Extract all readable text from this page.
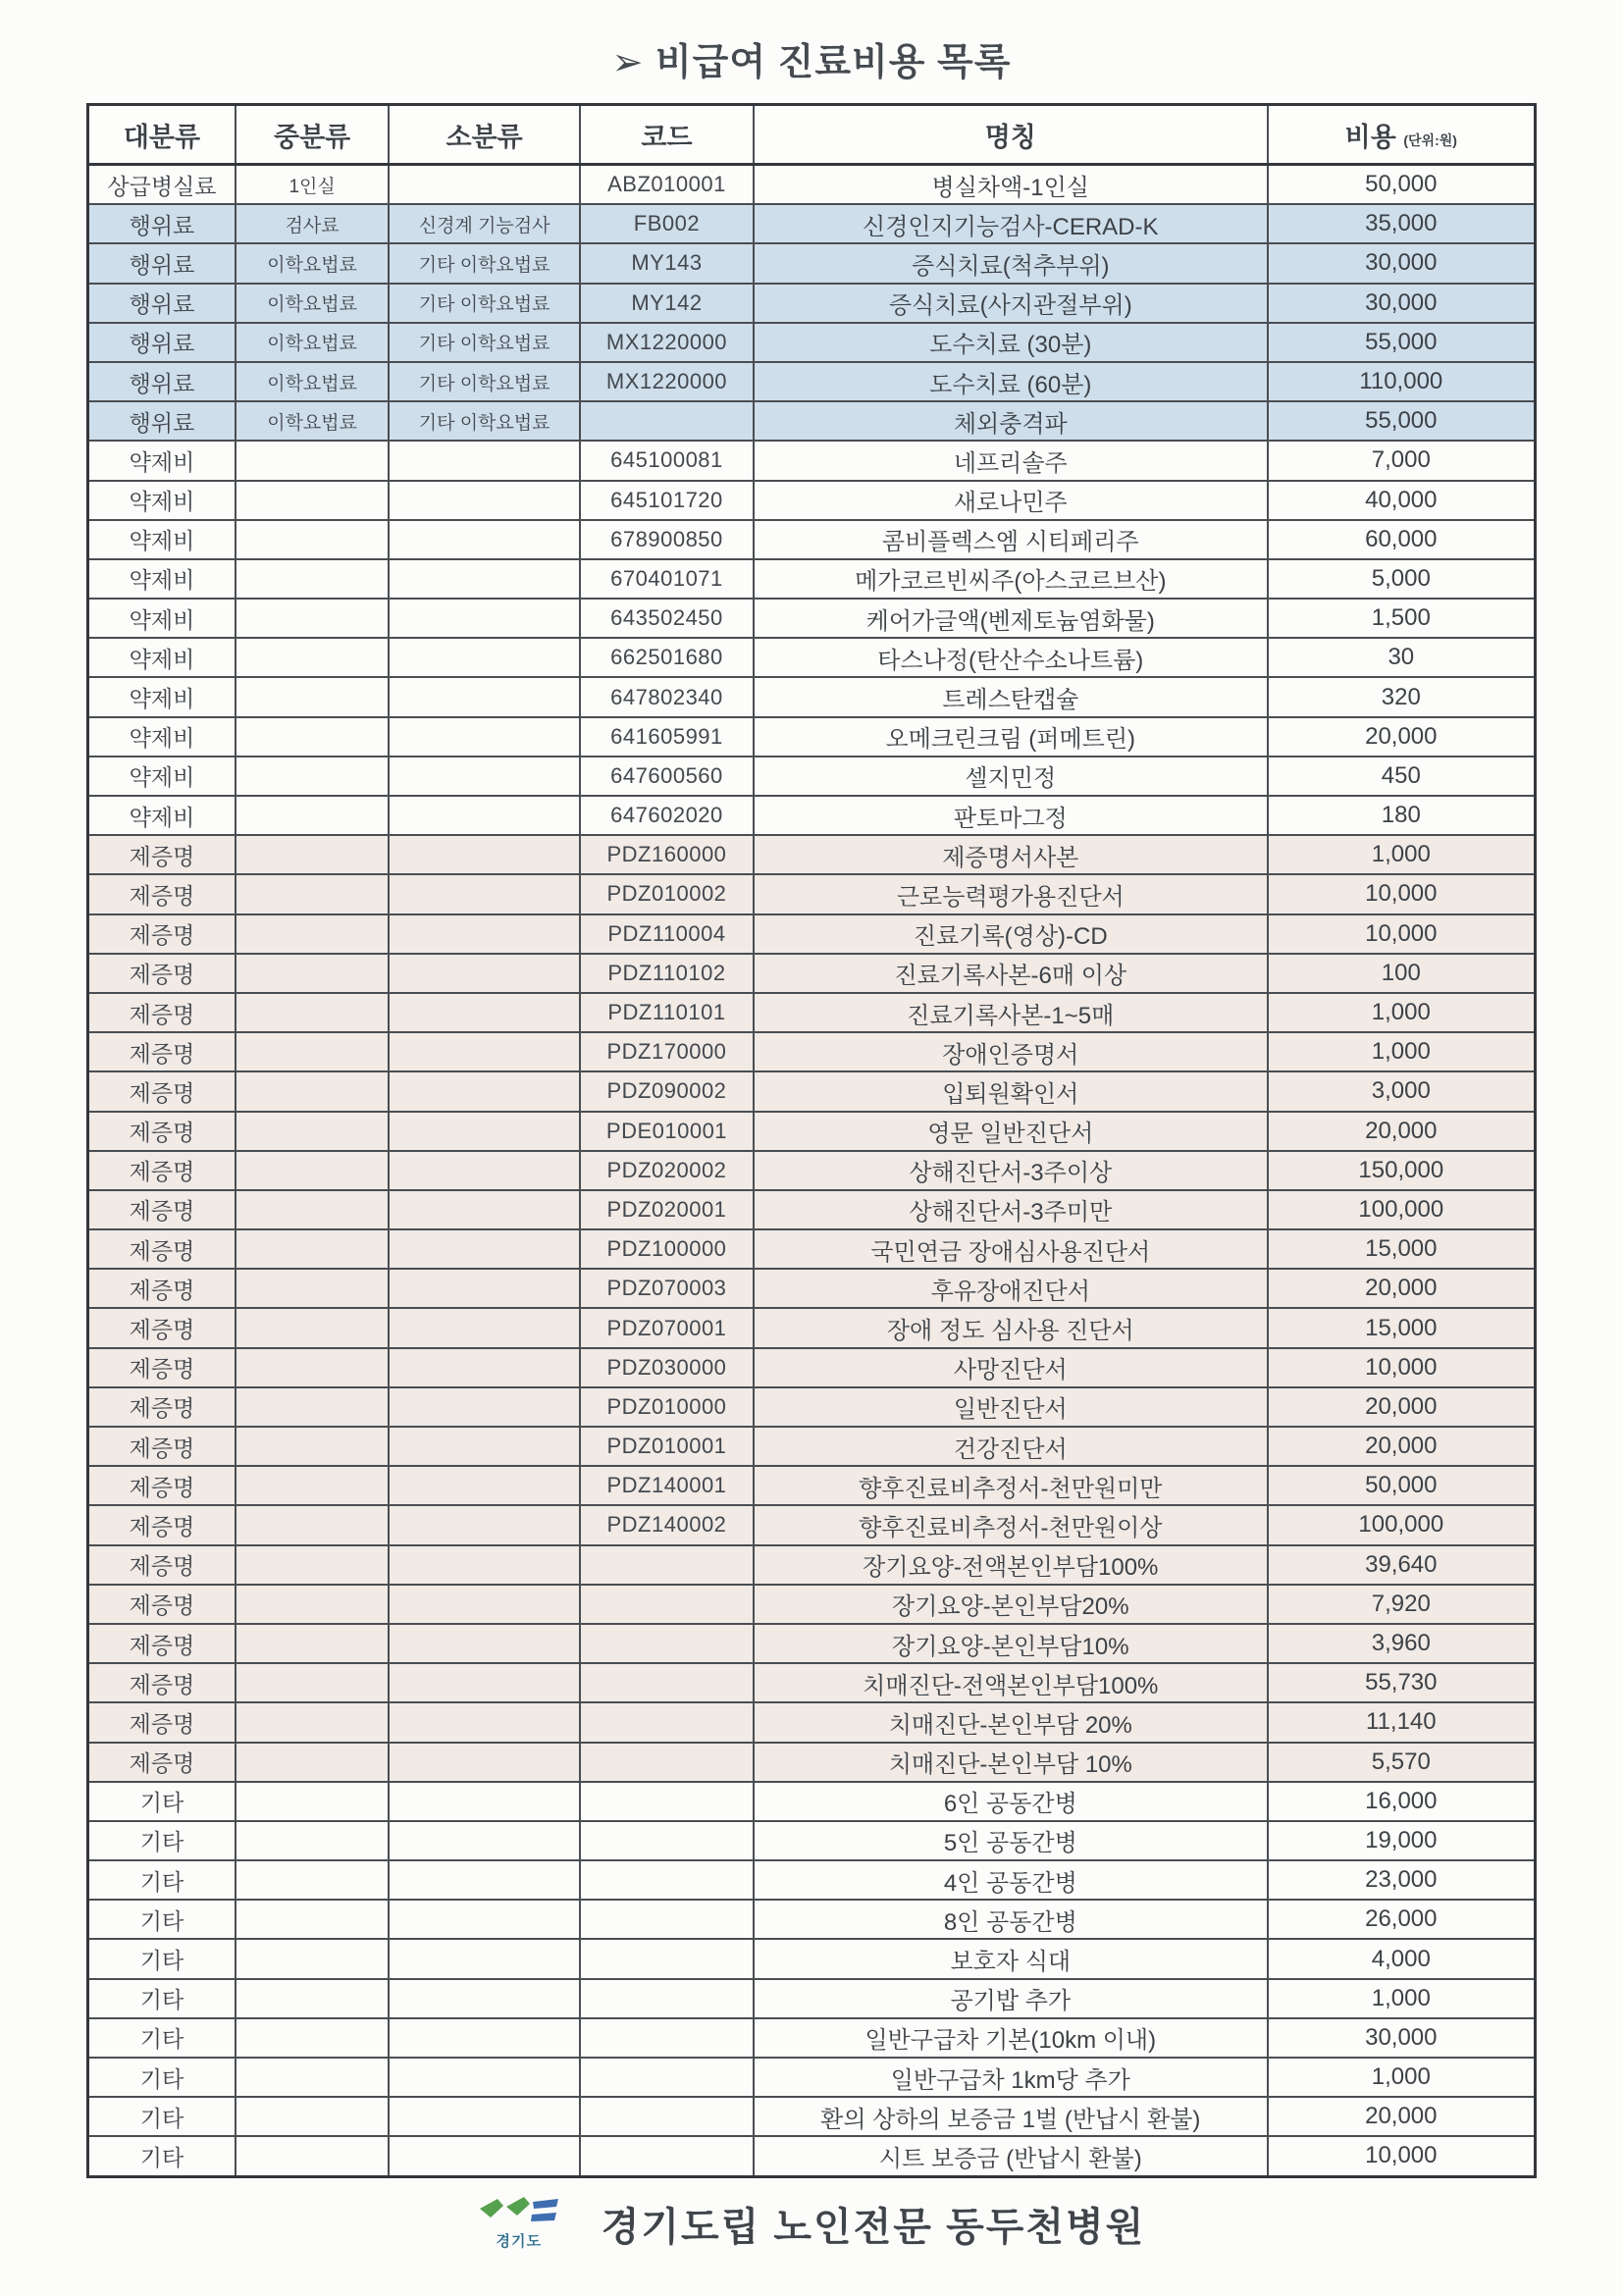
➢ 비급여 진료비용 목록
대분류	중분류	소분류	코드	명칭	비용 (단위:원)
상급병실료	1인실		ABZ010001	병실차액-1인실	50,000
행위료	검사료	신경계 기능검사	FB002	신경인지기능검사-CERAD-K	35,000
행위료	이학요법료	기타 이학요법료	MY143	증식치료(척추부위)	30,000
행위료	이학요법료	기타 이학요법료	MY142	증식치료(사지관절부위)	30,000
행위료	이학요법료	기타 이학요법료	MX1220000	도수치료 (30분)	55,000
행위료	이학요법료	기타 이학요법료	MX1220000	도수치료 (60분)	110,000
행위료	이학요법료	기타 이학요법료		체외충격파	55,000
약제비			645100081	네프리솔주	7,000
약제비			645101720	새로나민주	40,000
약제비			678900850	콤비플렉스엠 시티페리주	60,000
약제비			670401071	메가코르빈씨주(아스코르브산)	5,000
약제비			643502450	케어가글액(벤제토늄염화물)	1,500
약제비			662501680	타스나정(탄산수소나트륨)	30
약제비			647802340	트레스탄캡슐	320
약제비			641605991	오메크린크림 (퍼메트린)	20,000
약제비			647600560	셀지민정	450
약제비			647602020	판토마그정	180
제증명			PDZ160000	제증명서사본	1,000
제증명			PDZ010002	근로능력평가용진단서	10,000
제증명			PDZ110004	진료기록(영상)-CD	10,000
제증명			PDZ110102	진료기록사본-6매 이상	100
제증명			PDZ110101	진료기록사본-1~5매	1,000
제증명			PDZ170000	장애인증명서	1,000
제증명			PDZ090002	입퇴원확인서	3,000
제증명			PDE010001	영문 일반진단서	20,000
제증명			PDZ020002	상해진단서-3주이상	150,000
제증명			PDZ020001	상해진단서-3주미만	100,000
제증명			PDZ100000	국민연금 장애심사용진단서	15,000
제증명			PDZ070003	후유장애진단서	20,000
제증명			PDZ070001	장애 정도 심사용 진단서	15,000
제증명			PDZ030000	사망진단서	10,000
제증명			PDZ010000	일반진단서	20,000
제증명			PDZ010001	건강진단서	20,000
제증명			PDZ140001	향후진료비추정서-천만원미만	50,000
제증명			PDZ140002	향후진료비추정서-천만원이상	100,000
제증명				장기요양-전액본인부담100%	39,640
제증명				장기요양-본인부담20%	7,920
제증명				장기요양-본인부담10%	3,960
제증명				치매진단-전액본인부담100%	55,730
제증명				치매진단-본인부담 20%	11,140
제증명				치매진단-본인부담 10%	5,570
기타				6인 공동간병	16,000
기타				5인 공동간병	19,000
기타				4인 공동간병	23,000
기타				8인 공동간병	26,000
기타				보호자 식대	4,000
기타				공기밥 추가	1,000
기타				일반구급차 기본(10km 이내)	30,000
기타				일반구급차 1km당 추가	1,000
기타				환의 상하의 보증금 1벌 (반납시 환불)	20,000
기타				시트 보증금 (반납시 환불)	10,000
경기도 경기도립 노인전문 동두천병원
